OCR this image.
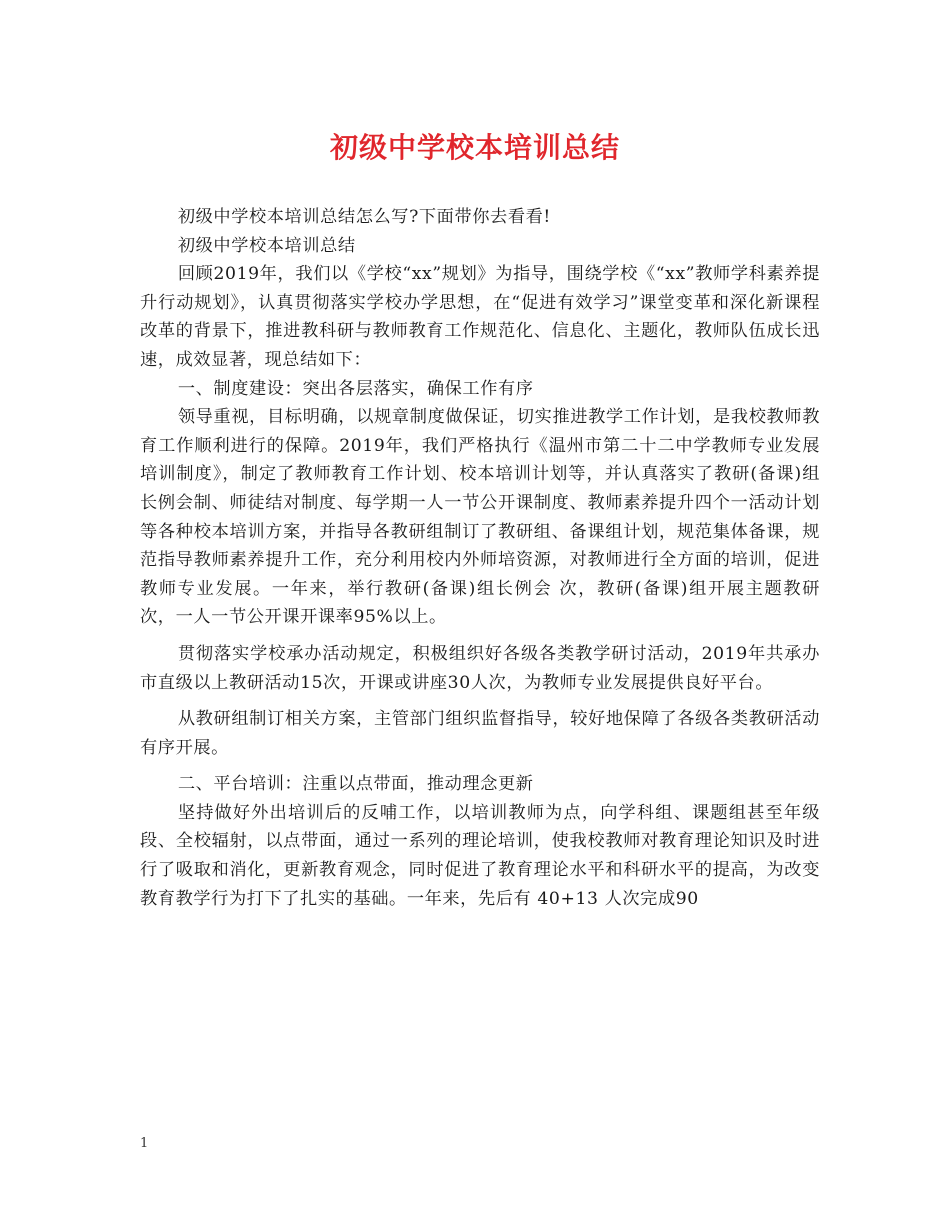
初级中学校本培训总结

初级中学校本培训总结怎么写?下面带你去看看!

初级中学校本培训总结

回顾2019年，我们以《学校“xx”规划》为指导，围绕学校《“xx”教师学科素养提升行动规划》，认真贯彻落实学校办学思想，在“促进有效学习”课堂变革和深化新课程改革的背景下，推进教科研与教师教育工作规范化、信息化、主题化，教师队伍成长迅速，成效显著，现总结如下：

一、制度建设：突出各层落实，确保工作有序

领导重视，目标明确，以规章制度做保证，切实推进教学工作计划，是我校教师教育工作顺利进行的保障。2019年，我们严格执行《温州市第二十二中学教师专业发展培训制度》，制定了教师教育工作计划、校本培训计划等，并认真落实了教研(备课)组长例会制、师徒结对制度、每学期一人一节公开课制度、教师素养提升四个一活动计划等各种校本培训方案，并指导各教研组制订了教研组、备课组计划，规范集体备课，规范指导教师素养提升工作，充分利用校内外师培资源，对教师进行全方面的培训，促进教师专业发展。一年来，举行教研(备课)组长例会 次，教研(备课)组开展主题教研 次，一人一节公开课开课率95%以上。

贯彻落实学校承办活动规定，积极组织好各级各类教学研讨活动，2019年共承办市直级以上教研活动15次，开课或讲座30人次，为教师专业发展提供良好平台。

从教研组制订相关方案，主管部门组织监督指导，较好地保障了各级各类教研活动有序开展。

二、平台培训：注重以点带面，推动理念更新

坚持做好外出培训后的反哺工作，以培训教师为点，向学科组、课题组甚至年级段、全校辐射，以点带面，通过一系列的理论培训，使我校教师对教育理论知识及时进行了吸取和消化，更新教育观念，同时促进了教育理论水平和科研水平的提高，为改变教育教学行为打下了扎实的基础。一年来，先后有 40+13 人次完成90

1
